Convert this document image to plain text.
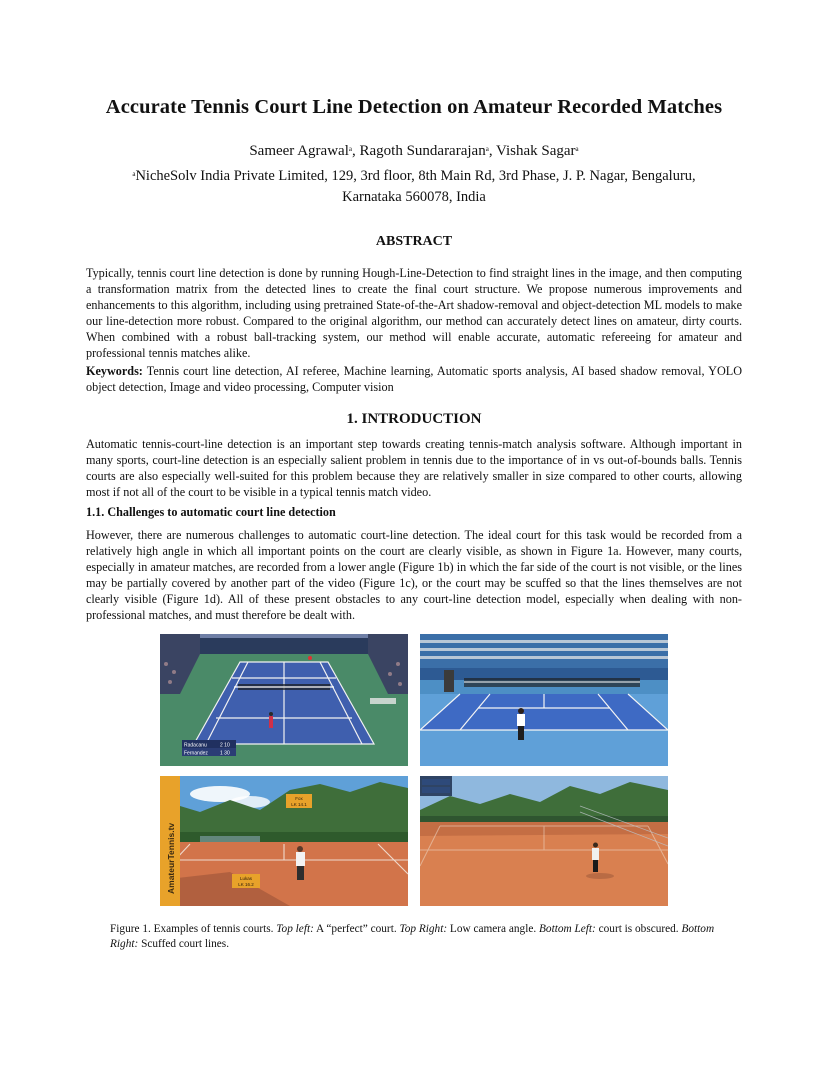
Accurate Tennis Court Line Detection on Amateur Recorded Matches
Sameer Agrawal$^a$, Ragoth Sundararajan$^a$, Vishak Sagar$^a$
$^a$NicheSolv India Private Limited, 129, 3rd floor, 8th Main Rd, 3rd Phase, J. P. Nagar, Bengaluru,
Karnataka 560078, India
ABSTRACT
Typically, tennis court line detection is done by running Hough-Line-Detection to find straight lines in the image, and then computing a transformation matrix from the detected lines to create the final court structure. We propose numerous improvements and enhancements to this algorithm, including using pretrained State-of-the-Art shadow-removal and object-detection ML models to make our line-detection more robust. Compared to the original algorithm, our method can accurately detect lines on amateur, dirty courts. When combined with a robust ball-tracking system, our method will enable accurate, automatic refereeing for amateur and professional tennis matches alike.
Keywords: Tennis court line detection, AI referee, Machine learning, Automatic sports analysis, AI based shadow removal, YOLO object detection, Image and video processing, Computer vision
1. INTRODUCTION
Automatic tennis-court-line detection is an important step towards creating tennis-match analysis software. Although important in many sports, court-line detection is an especially salient problem in tennis due to the importance of in vs out-of-bounds balls. Tennis courts are also especially well-suited for this problem because they are relatively smaller in size compared to other courts, allowing most if not all of the court to be visible in a typical tennis match video.
1.1. Challenges to automatic court line detection
However, there are numerous challenges to automatic court-line detection. The ideal court for this task would be recorded from a relatively high angle in which all important points on the court are clearly visible, as shown in Figure 1a. However, many courts, especially in amateur matches, are recorded from a lower angle (Figure 1b) in which the far side of the court is not visible, or the lines may be partially covered by another part of the video (Figure 1c), or the court may be scuffed so that the lines themselves are not clearly visible (Figure 1d). All of these present obstacles to any court-line detection model, especially when dealing with non-professional matches, and must therefore be dealt with.
Radacanu
Fernandez
2 10
1 30
AmateurTennis.tv
Fox
LK 14.1
Lukas
LK 16.2
Figure 1. Examples of tennis courts. Top left: A “perfect” court. Top Right: Low camera angle. Bottom Left: court is obscured. Bottom Right: Scuffed court lines.
